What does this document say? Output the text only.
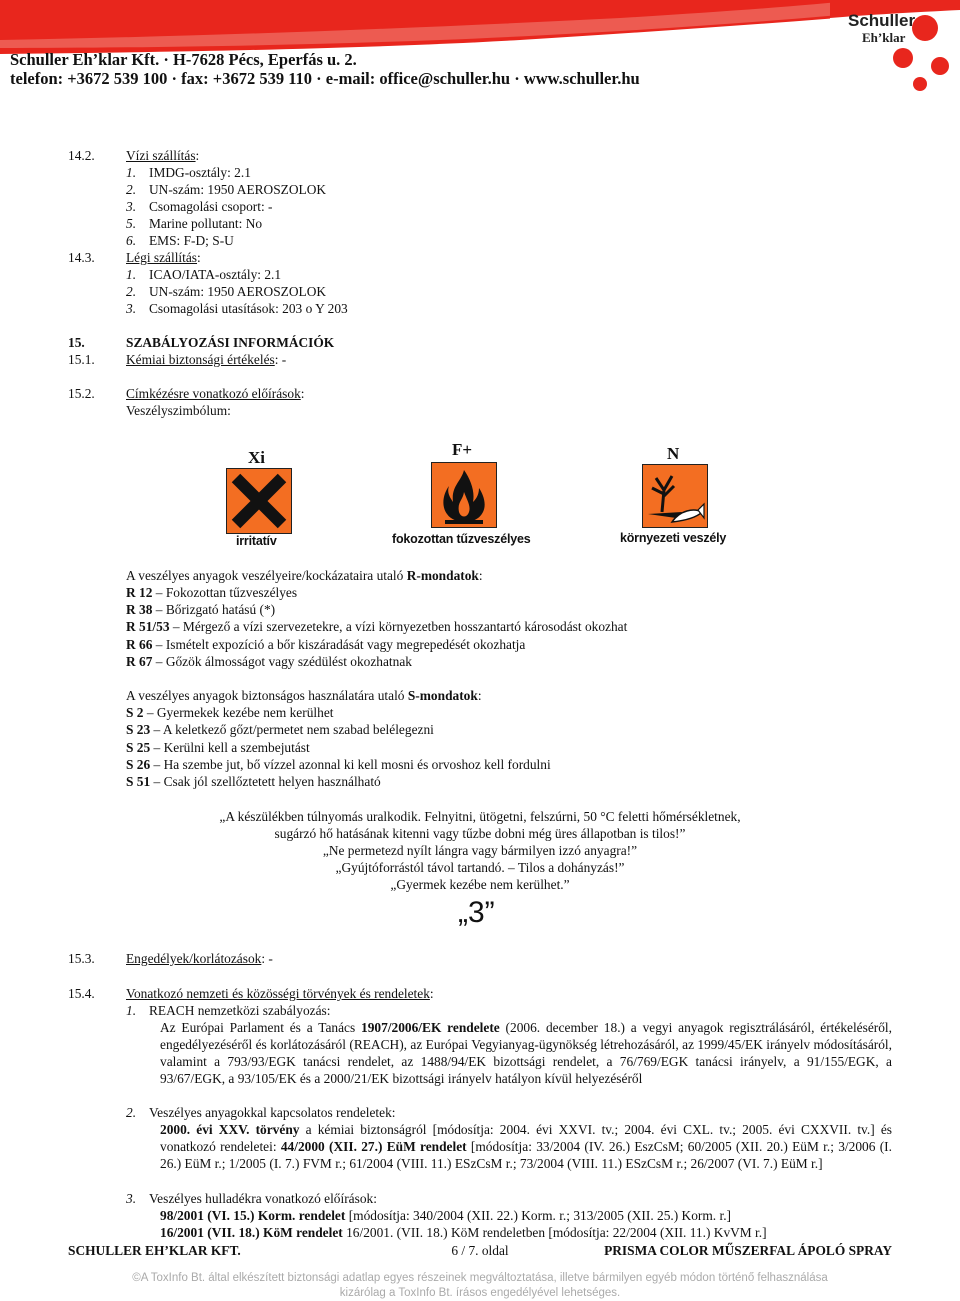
Schuller
Eh’klar
Schuller Eh’klar Kft. · H-7628 Pécs, Eperfás u. 2.
telefon: +3672 539 100 · fax: +3672 539 110 · e-mail: office@schuller.hu · www.schuller.hu
14.2. Vízi szállítás:
1. IMDG-osztály: 2.1
2. UN-szám: 1950 AEROSZOLOK
3. Csomagolási csoport: -
5. Marine pollutant: No
6. EMS: F-D; S-U
14.3. Légi szállítás:
1. ICAO/IATA-osztály: 2.1
2. UN-szám: 1950 AEROSZOLOK
3. Csomagolási utasítások: 203 o Y 203
15.	SZABÁLYOZÁSI INFORMÁCIÓK
15.1. Kémiai biztonsági értékelés: -
15.2. Címkézésre vonatkozó előírások:
Veszélyszimbólum:
Xi
irritatív
F+
fokozottan tűzveszélyes
N
környezeti veszély
A veszélyes anyagok veszélyeire/kockázataira utaló R-mondatok:
R 12 – Fokozottan tűzveszélyes
R 38 – Bőrizgató hatású (*)
R 51/53 – Mérgező a vízi szervezetekre, a vízi környezetben hosszantartó károsodást okozhat
R 66 – Ismételt expozíció a bőr kiszáradását vagy megrepedését okozhatja
R 67 – Gőzök álmosságot vagy szédülést okozhatnak
A veszélyes anyagok biztonságos használatára utaló S-mondatok:
S 2 – Gyermekek kezébe nem kerülhet
S 23 – A keletkező gőzt/permetet nem szabad belélegezni
S 25 – Kerülni kell a szembejutást
S 26 – Ha szembe jut, bő vízzel azonnal ki kell mosni és orvoshoz kell fordulni
S 51 – Csak jól szellőztetett helyen használható
„A készülékben túlnyomás uralkodik. Felnyitni, ütögetni, felszúrni, 50 °C feletti hőmérsékletnek,
sugárzó hő hatásának kitenni vagy tűzbe dobni még üres állapotban is tilos!”
„Ne permetezd nyílt lángra vagy bármilyen izzó anyagra!”
„Gyújtóforrástól távol tartandó. – Tilos a dohányzás!”
„Gyermek kezébe nem kerülhet.”
„3”
15.3. Engedélyek/korlátozások: -
15.4. Vonatkozó nemzeti és közösségi törvények és rendeletek:
1. REACH nemzetközi szabályozás:
Az Európai Parlament és a Tanács 1907/2006/EK rendelete (2006. december 18.) a vegyi anyagok regisztrálásáról, értékeléséről, engedélyezéséről és korlátozásáról (REACH), az Európai Vegyianyag-ügynökség létrehozásáról, az 1999/45/EK irányelv módosításáról, valamint a 793/93/EGK tanácsi rendelet, az 1488/94/EK bizottsági rendelet, a 76/769/EGK tanácsi irányelv, a 91/155/EGK, a 93/67/EGK, a 93/105/EK és a 2000/21/EK bizottsági irányelv hatályon kívül helyezéséről
2. Veszélyes anyagokkal kapcsolatos rendeletek:
2000. évi XXV. törvény a kémiai biztonságról [módosítja: 2004. évi XXVI. tv.; 2004. évi CXL. tv.; 2005. évi CXXVII. tv.] és vonatkozó rendeletei: 44/2000 (XII. 27.) EüM rendelet [módosítja: 33/2004 (IV. 26.) EszCsM; 60/2005 (XII. 20.) EüM r.; 3/2006 (I. 26.) EüM r.; 1/2005 (I. 7.) FVM r.; 61/2004 (VIII. 11.) ESzCsM r.; 73/2004 (VIII. 11.) ESzCsM r.; 26/2007 (VI. 7.) EüM r.]
3. Veszélyes hulladékra vonatkozó előírások:
98/2001 (VI. 15.) Korm. rendelet [módosítja: 340/2004 (XII. 22.) Korm. r.; 313/2005 (XII. 25.) Korm. r.]
16/2001 (VII. 18.) KöM rendelet 16/2001. (VII. 18.) KöM rendeletben [módosítja: 22/2004 (XII. 11.) KvVM r.]
SCHULLER EH’KLAR KFT.	6 / 7. oldal	PRISMA COLOR MŰSZERFAL ÁPOLÓ SPRAY
©A ToxInfo Bt. által elkészített biztonsági adatlap egyes részeinek megváltoztatása, illetve bármilyen egyéb módon történő felhasználása
kizárólag a ToxInfo Bt. írásos engedélyével lehetséges.
